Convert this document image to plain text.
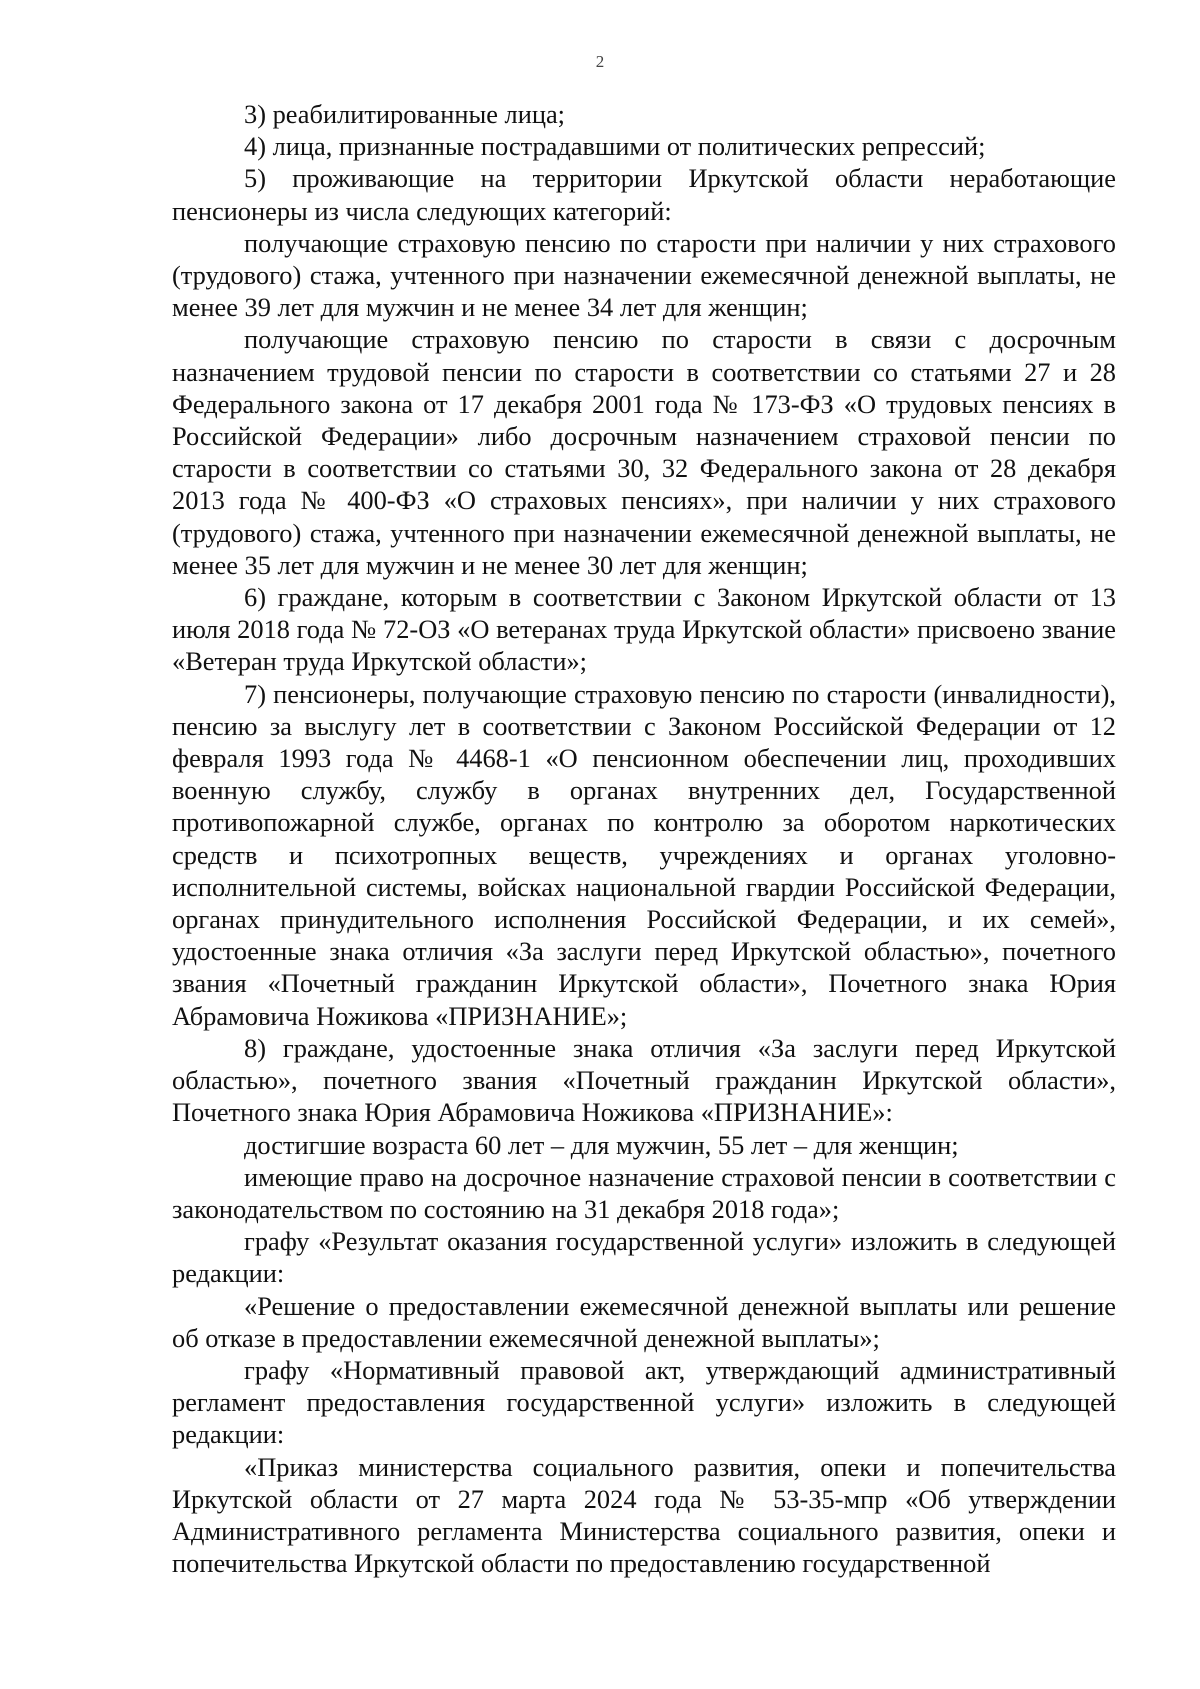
2

3) реабилитированные лица;

4) лица, признанные пострадавшими от политических репрессий;

5) проживающие на территории Иркутской области неработающие пенсионеры из числа следующих категорий:

получающие страховую пенсию по старости при наличии у них страхового (трудового) стажа, учтенного при назначении ежемесячной денежной выплаты, не менее 39 лет для мужчин и не менее 34 лет для женщин;

получающие страховую пенсию по старости в связи с досрочным назначением трудовой пенсии по старости в соответствии со статьями 27 и 28 Федерального закона от 17 декабря 2001 года № 173-ФЗ «О трудовых пенсиях в Российской Федерации» либо досрочным назначением страховой пенсии по старости в соответствии со статьями 30, 32 Федерального закона от 28 декабря 2013 года № 400-ФЗ «О страховых пенсиях», при наличии у них страхового (трудового) стажа, учтенного при назначении ежемесячной денежной выплаты, не менее 35 лет для мужчин и не менее 30 лет для женщин;

6) граждане, которым в соответствии с Законом Иркутской области от 13 июля 2018 года № 72-ОЗ «О ветеранах труда Иркутской области» присвоено звание «Ветеран труда Иркутской области»;

7) пенсионеры, получающие страховую пенсию по старости (инвалидности), пенсию за выслугу лет в соответствии с Законом Российской Федерации от 12 февраля 1993 года № 4468-1 «О пенсионном обеспечении лиц, проходивших военную службу, службу в органах внутренних дел, Государственной противопожарной службе, органах по контролю за оборотом наркотических средств и психотропных веществ, учреждениях и органах уголовно-исполнительной системы, войсках национальной гвардии Российской Федерации, органах принудительного исполнения Российской Федерации, и их семей», удостоенные знака отличия «За заслуги перед Иркутской областью», почетного звания «Почетный гражданин Иркутской области», Почетного знака Юрия Абрамовича Ножикова «ПРИЗНАНИЕ»;

8) граждане, удостоенные знака отличия «За заслуги перед Иркутской областью», почетного звания «Почетный гражданин Иркутской области», Почетного знака Юрия Абрамовича Ножикова «ПРИЗНАНИЕ»:

достигшие возраста 60 лет – для мужчин, 55 лет – для женщин;

имеющие право на досрочное назначение страховой пенсии в соответствии с законодательством по состоянию на 31 декабря 2018 года»;

графу «Результат оказания государственной услуги» изложить в следующей редакции:

«Решение о предоставлении ежемесячной денежной выплаты или решение об отказе в предоставлении ежемесячной денежной выплаты»;

графу «Нормативный правовой акт, утверждающий административный регламент предоставления государственной услуги» изложить в следующей редакции:

«Приказ министерства социального развития, опеки и попечительства Иркутской области от 27 марта 2024 года № 53-35-мпр «Об утверждении Административного регламента Министерства социального развития, опеки и попечительства Иркутской области по предоставлению государственной
